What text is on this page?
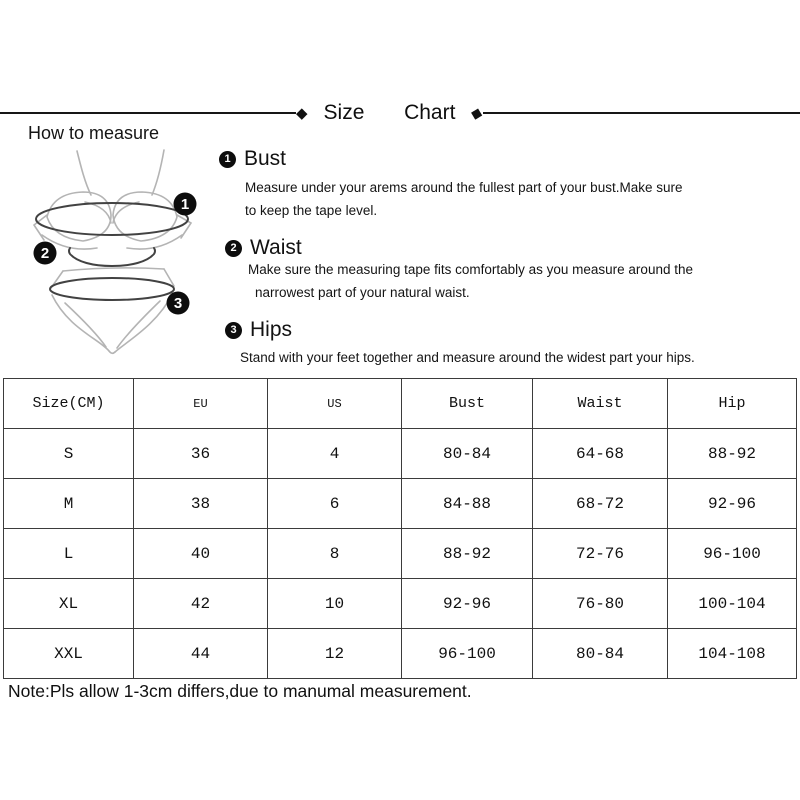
◆ Size  Chart ◆
How to measure
1
2
3
1 Bust
Measure under your arems around the fullest part of your bust.Make sure
to keep the tape level.
2 Waist
Make sure the measuring tape fits comfortably as you measure around the
narrowest part of your natural waist.
3 Hips
Stand with your feet together and measure around the widest part your hips.
Size(CM)	EU	US	Bust	Waist	Hip
S	36	4	80-84	64-68	88-92
M	38	6	84-88	68-72	92-96
L	40	8	88-92	72-76	96-100
XL	42	10	92-96	76-80	100-104
XXL	44	12	96-100	80-84	104-108
Note:Pls allow 1-3cm differs,due to manumal measurement.
